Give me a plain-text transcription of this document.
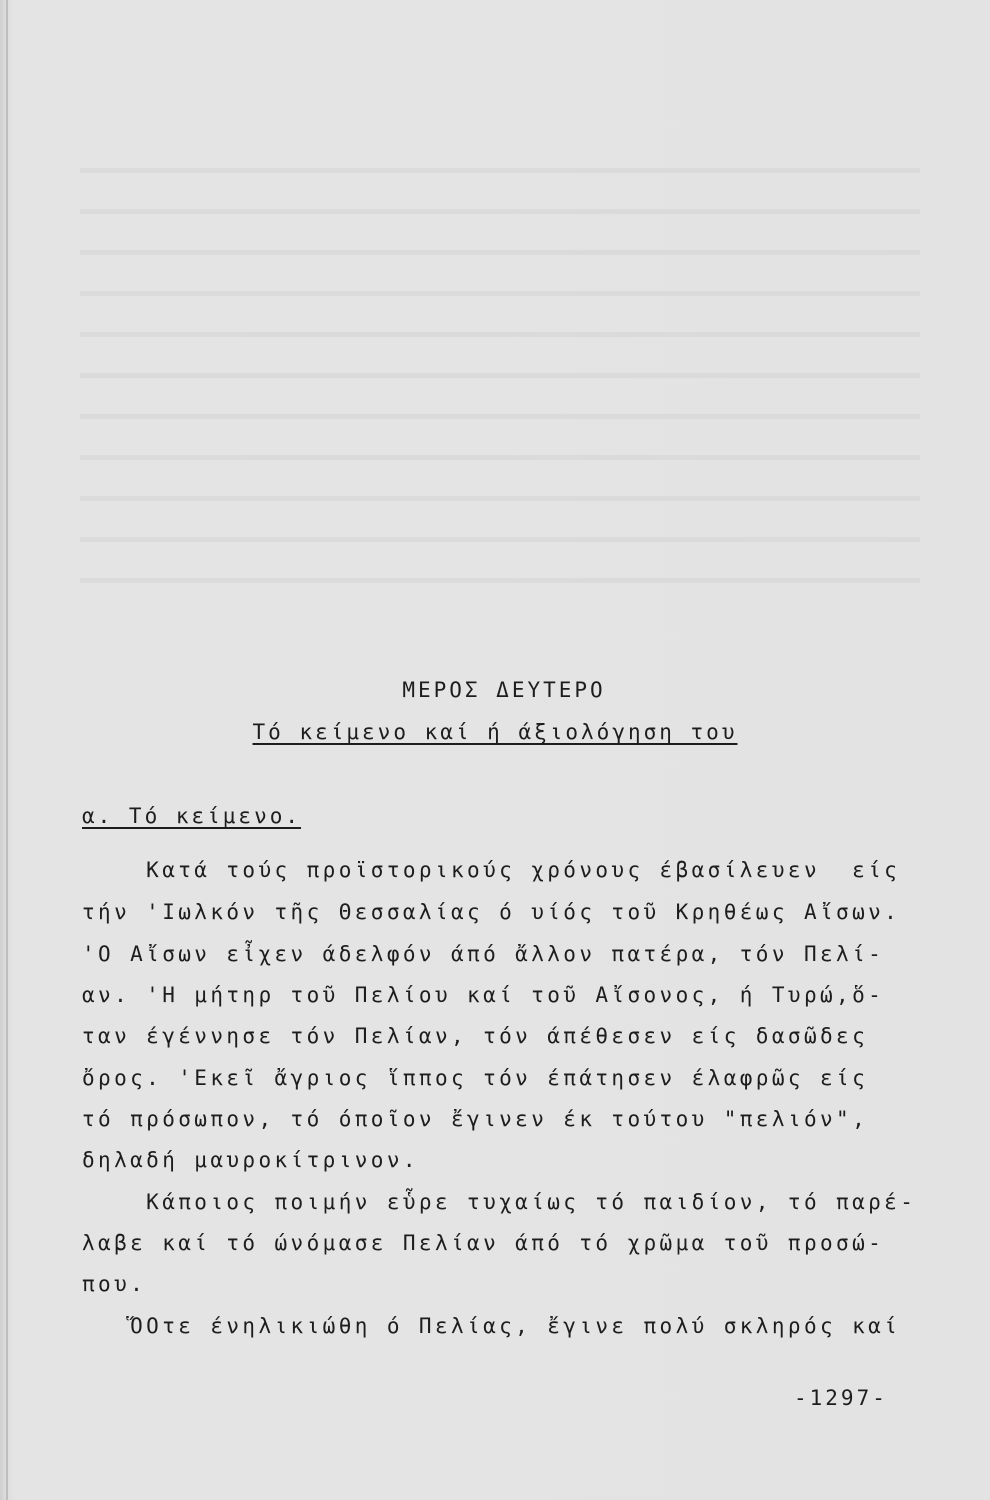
ΜΕΡΟΣ ΔΕΥΤΕΡΟ
Τό κείμενο καί ή άξιολόγηση του
α. Τό κείμενο.
Κατά τούς προϊστορικούς χρόνους έβασίλευεν  είς
τήν 'Ιωλκόν τῆς Θεσσαλίας ό υίός τοῦ Κρηθέως Αἴσων.
'Ο Αἴσων εἶχεν άδελφόν άπό ἄλλον πατέρα, τόν Πελί-
αν. 'Η μήτηρ τοῦ Πελίου καί τοῦ Αἴσονος, ή Τυρώ,ὅ-
ταν έγέννησε τόν Πελίαν, τόν άπέθεσεν είς δασῶδες
ὄρος. 'Εκεῖ ἄγριος ἵππος τόν έπάτησεν έλαφρῶς είς
τό πρόσωπον, τό όποῖον ἔγινεν έκ τούτου "πελιόν",
δηλαδή μαυροκίτρινον.
Κάποιος ποιμήν εὗρε τυχαίως τό παιδίον, τό παρέ-
λαβε καί τό ώνόμασε Πελίαν άπό τό χρῶμα τοῦ προσώ-
που.
ὍΟτε ένηλικιώθη ό Πελίας, ἔγινε πολύ σκληρός καί
-1297-
